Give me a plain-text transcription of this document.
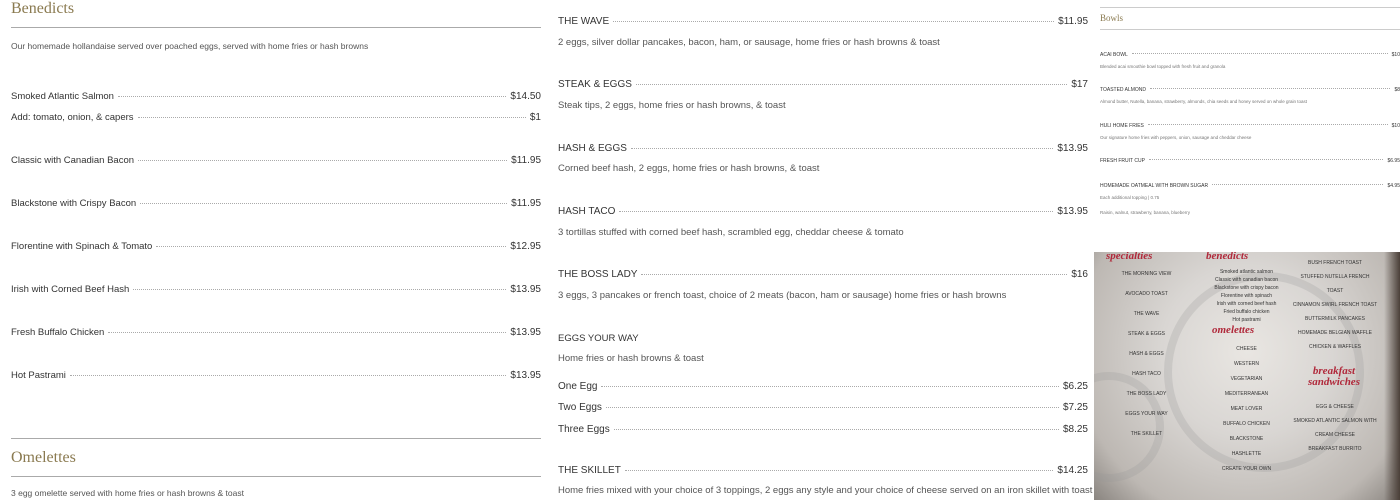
Benedicts
Our homemade hollandaise served over poached eggs, served with home fries or hash browns
Smoked Atlantic Salmon	$14.50
Add: tomato, onion, & capers	$1
Classic with Canadian Bacon	$11.95
Blackstone with Crispy Bacon	$11.95
Florentine with Spinach & Tomato	$12.95
Irish with Corned Beef Hash	$13.95
Fresh Buffalo Chicken	$13.95
Hot Pastrami	$13.95
Omelettes
3 egg omelette served with home fries or hash browns & toast
THE WAVE	$11.95
2 eggs, silver dollar pancakes, bacon, ham, or sausage, home fries or hash browns & toast
STEAK & EGGS	$17
Steak tips, 2 eggs, home fries or hash browns, & toast
HASH & EGGS	$13.95
Corned beef hash, 2 eggs, home fries or hash browns, & toast
HASH TACO	$13.95
3 tortillas stuffed with corned beef hash, scrambled egg, cheddar cheese & tomato
THE BOSS LADY	$16
3 eggs, 3 pancakes or french toast, choice of 2 meats (bacon, ham or sausage) home fries or hash browns
EGGS YOUR WAY
Home fries or hash browns & toast
One Egg	$6.25
Two Eggs	$7.25
Three Eggs	$8.25
THE SKILLET	$14.25
Home fries mixed with your choice of 3 toppings, 2 eggs any style and your choice of cheese served on an iron skillet with toast
Bowls
ACAI BOWL	$10
Blended acai smoothie bowl topped with fresh fruit and granola
TOASTED ALMOND	$8
Almond butter, Nutella, banana, strawberry, almonds, chia seeds and honey served on whole grain toast
HULI HOME FRIES	$10
Our signature home fries with peppers, onion, sausage and cheddar cheese
FRESH FRUIT CUP	$6.95
HOMEMADE OATMEAL WITH BROWN SUGAR	$4.95
Each additional topping | 0.75
Raisin, walnut, strawberry, banana, blueberry
specialties	benedicts
omelettes
breakfast sandwiches
THE MORNING VIEW
AVOCADO TOAST
THE WAVE
STEAK & EGGS
HASH & EGGS
HASH TACO
THE BOSS LADY
EGGS YOUR WAY
THE SKILLET
Smoked atlantic salmon
Classic with canadian bacon
Blackstone with crispy bacon
Florentine with spinach
Irish with corned beef hash
Fried buffalo chicken
Hot pastrami
CHEESE
WESTERN
VEGETARIAN
MEDITERRANEAN
MEAT LOVER
BUFFALO CHICKEN
BLACKSTONE
HASHLETTE
CREATE YOUR OWN
BUSH FRENCH TOAST
STUFFED NUTELLA FRENCH TOAST
CINNAMON SWIRL FRENCH TOAST
BUTTERMILK PANCAKES
HOMEMADE BELGIAN WAFFLE
CHICKEN & WAFFLES
EGG & CHEESE
SMOKED ATLANTIC SALMON WITH CREAM CHEESE
BREAKFAST BURRITO
